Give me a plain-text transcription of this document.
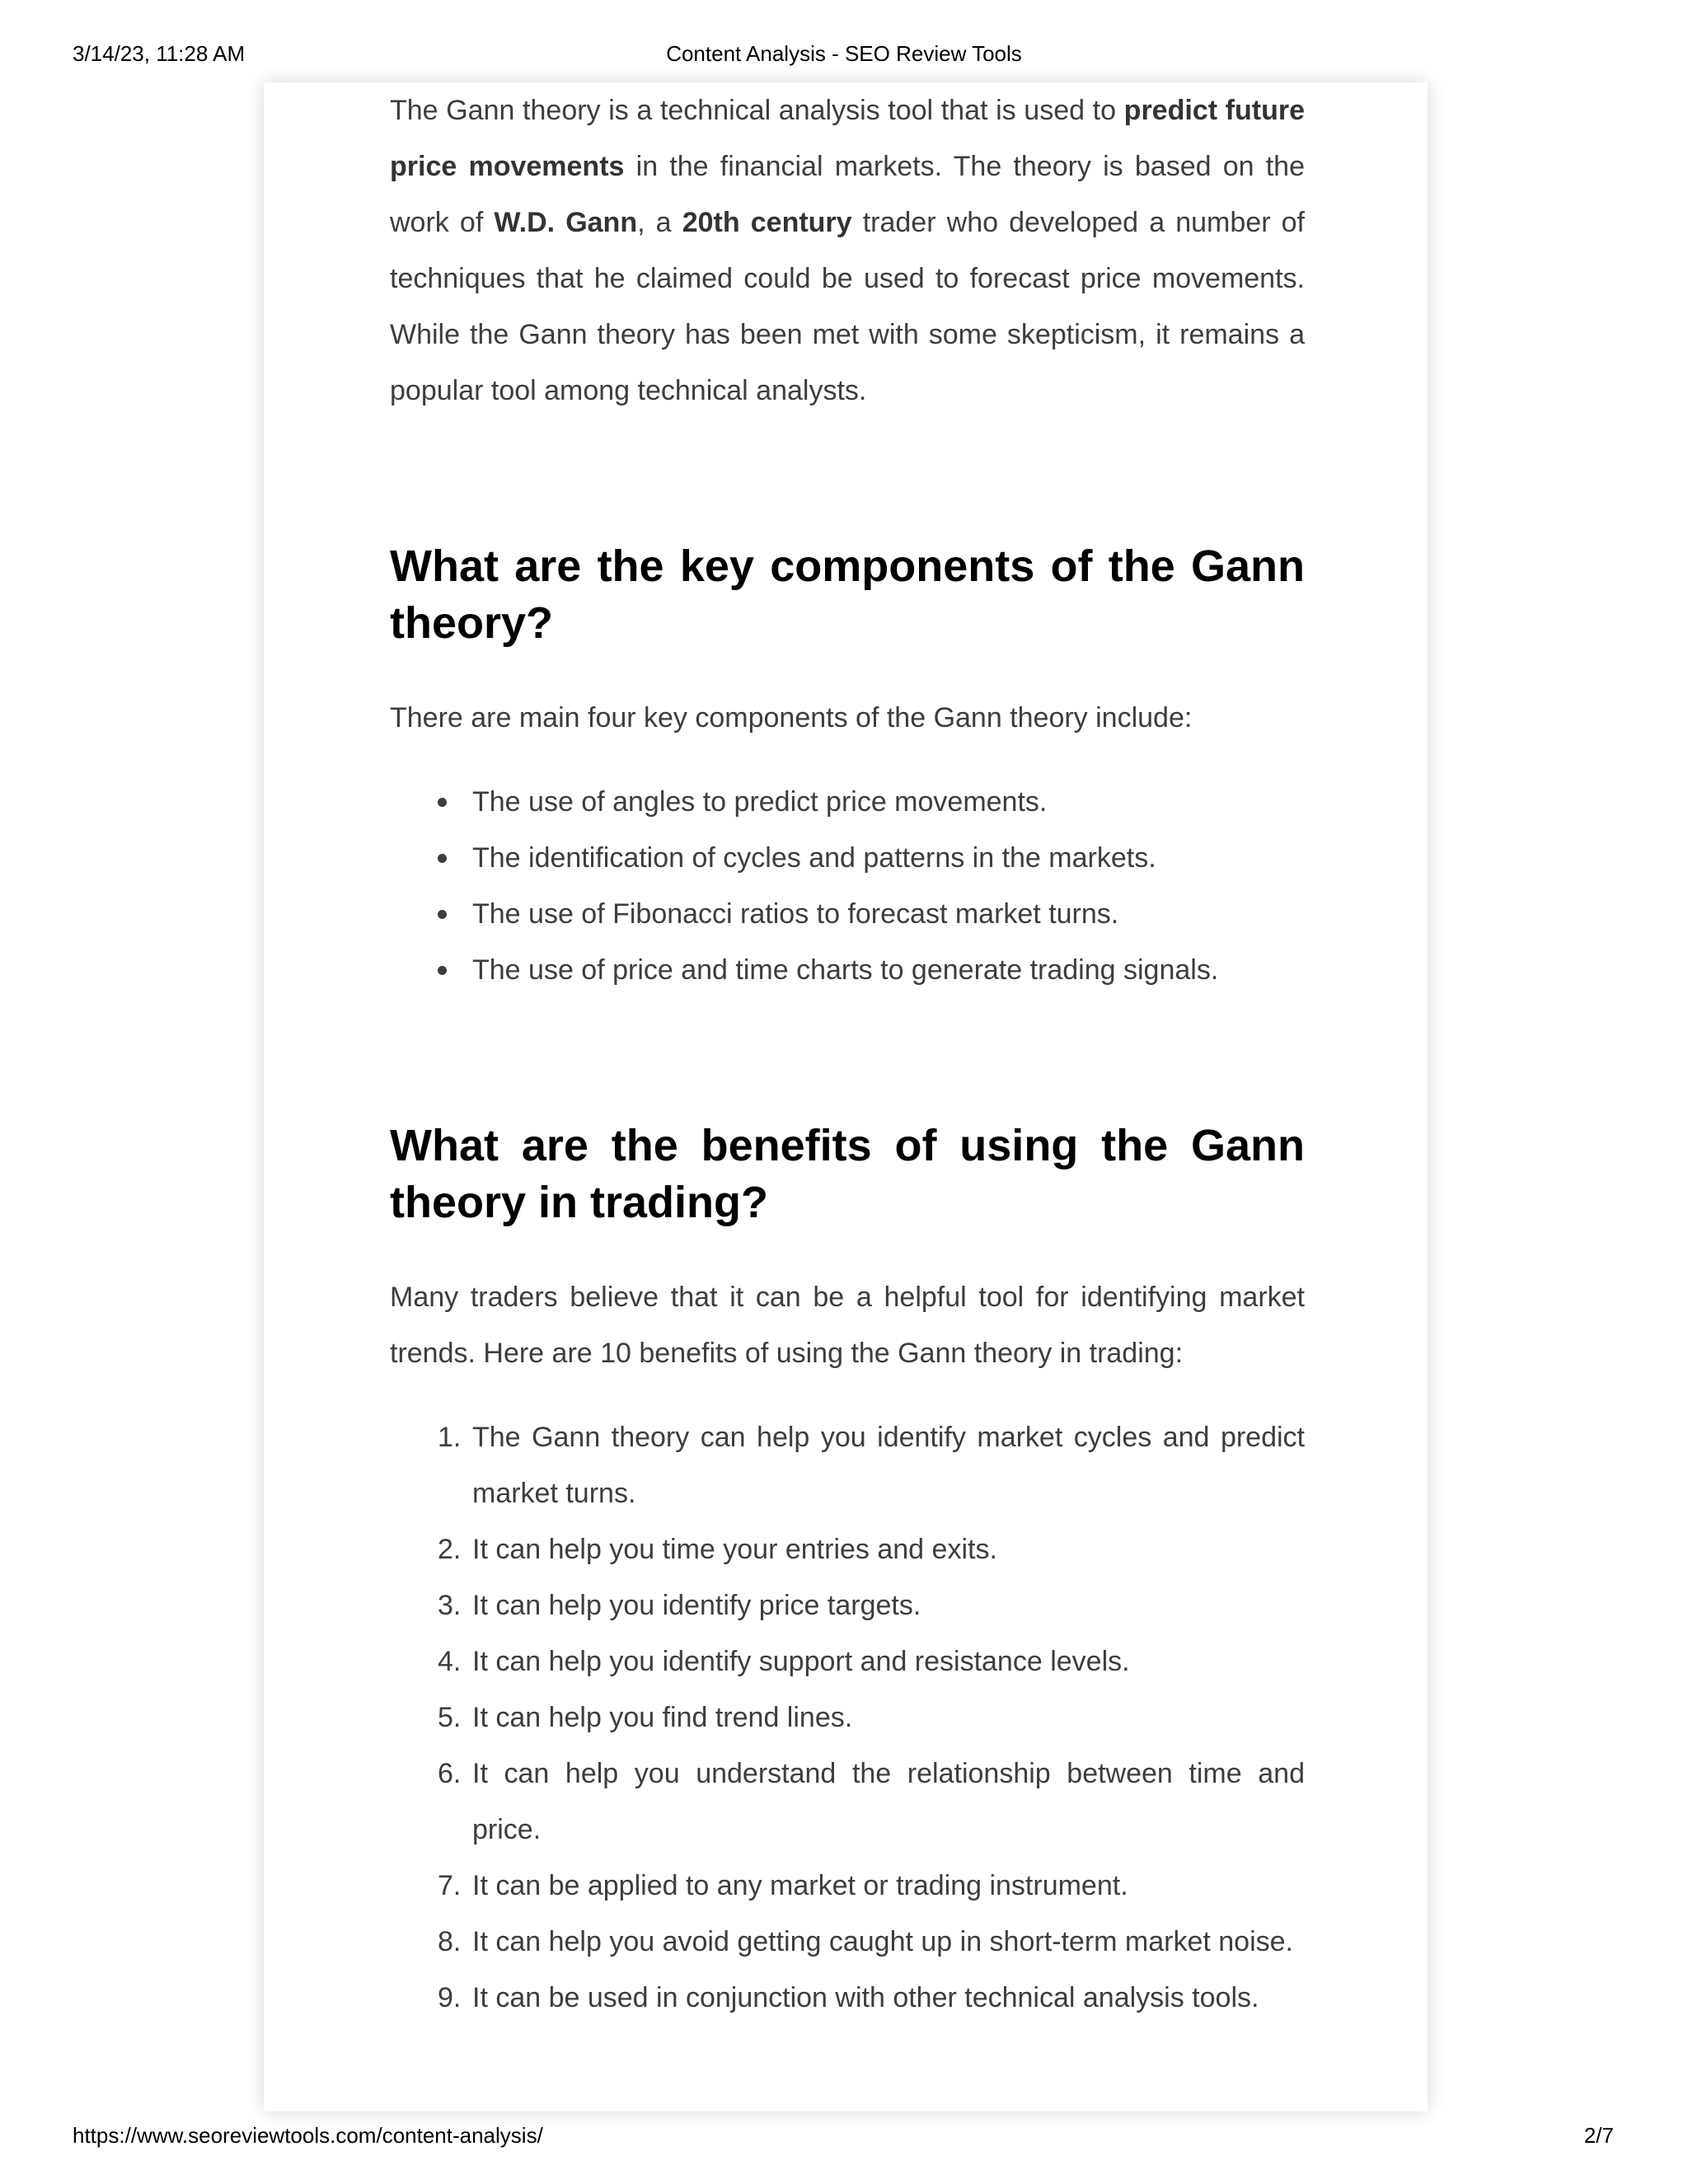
3/14/23, 11:28 AM	Content Analysis - SEO Review Tools

The Gann theory is a technical analysis tool that is used to predict future price movements in the financial markets. The theory is based on the work of W.D. Gann, a 20th century trader who developed a number of techniques that he claimed could be used to forecast price movements. While the Gann theory has been met with some skepticism, it remains a popular tool among technical analysts.

What are the key components of the Gann theory?

There are main four key components of the Gann theory include:

The use of angles to predict price movements.
The identification of cycles and patterns in the markets.
The use of Fibonacci ratios to forecast market turns.
The use of price and time charts to generate trading signals.
What are the benefits of using the Gann theory in trading?

Many traders believe that it can be a helpful tool for identifying market trends. Here are 10 benefits of using the Gann theory in trading:

1. The Gann theory can help you identify market cycles and predict market turns.
2. It can help you time your entries and exits.
3. It can help you identify price targets.
4. It can help you identify support and resistance levels.
5. It can help you find trend lines.
6. It can help you understand the relationship between time and price.
7. It can be applied to any market or trading instrument.
8. It can help you avoid getting caught up in short-term market noise.
9. It can be used in conjunction with other technical analysis tools.
https://www.seoreviewtools.com/content-analysis/	2/7
